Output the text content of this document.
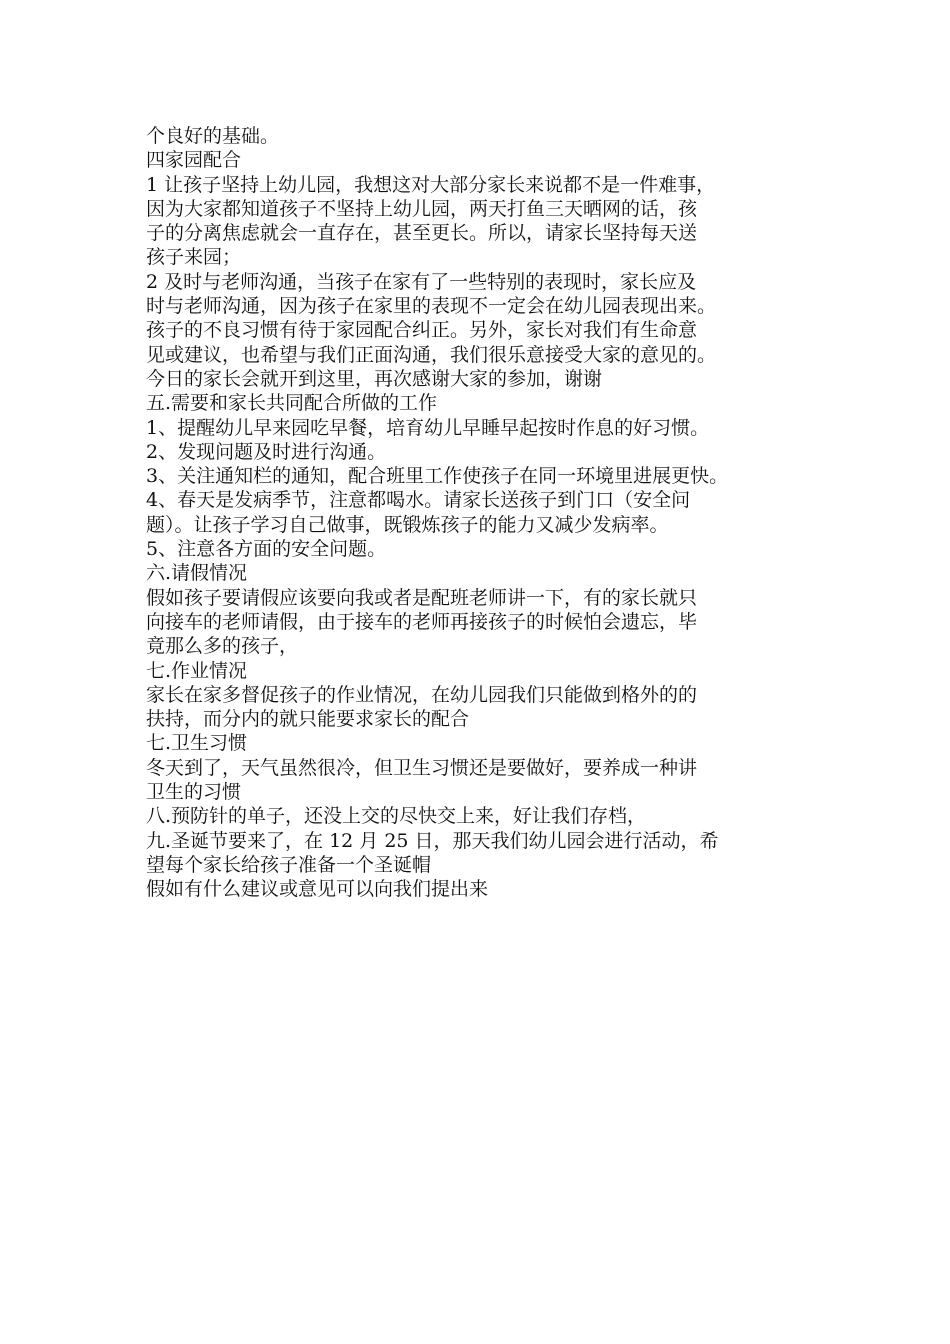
个良好的基础。

四家园配合

1 让孩子坚持上幼儿园，我想这对大部分家长来说都不是一件难事，

因为大家都知道孩子不坚持上幼儿园，两天打鱼三天晒网的话，孩

子的分离焦虑就会一直存在，甚至更长。所以，请家长坚持每天送

孩子来园；

2 及时与老师沟通，当孩子在家有了一些特别的表现时，家长应及

时与老师沟通，因为孩子在家里的表现不一定会在幼儿园表现出来。

孩子的不良习惯有待于家园配合纠正。另外，家长对我们有生命意

见或建议，也希望与我们正面沟通，我们很乐意接受大家的意见的。

今日的家长会就开到这里，再次感谢大家的参加，谢谢

五.需要和家长共同配合所做的工作

1、提醒幼儿早来园吃早餐，培育幼儿早睡早起按时作息的好习惯。

2、发现问题及时进行沟通。

3、关注通知栏的通知，配合班里工作使孩子在同一环境里进展更快。

4、春天是发病季节，注意都喝水。请家长送孩子到门口（安全问

题）。让孩子学习自己做事，既锻炼孩子的能力又减少发病率。

5、注意各方面的安全问题。

六.请假情况

假如孩子要请假应该要向我或者是配班老师讲一下，有的家长就只

向接车的老师请假，由于接车的老师再接孩子的时候怕会遗忘，毕

竟那么多的孩子，

七.作业情况

家长在家多督促孩子的作业情况，在幼儿园我们只能做到格外的的

扶持，而分内的就只能要求家长的配合

七.卫生习惯

冬天到了，天气虽然很冷，但卫生习惯还是要做好，要养成一种讲

卫生的习惯

八.预防针的单子，还没上交的尽快交上来，好让我们存档，

九.圣诞节要来了，在 12 月 25 日，那天我们幼儿园会进行活动，希

望每个家长给孩子准备一个圣诞帽

假如有什么建议或意见可以向我们提出来
